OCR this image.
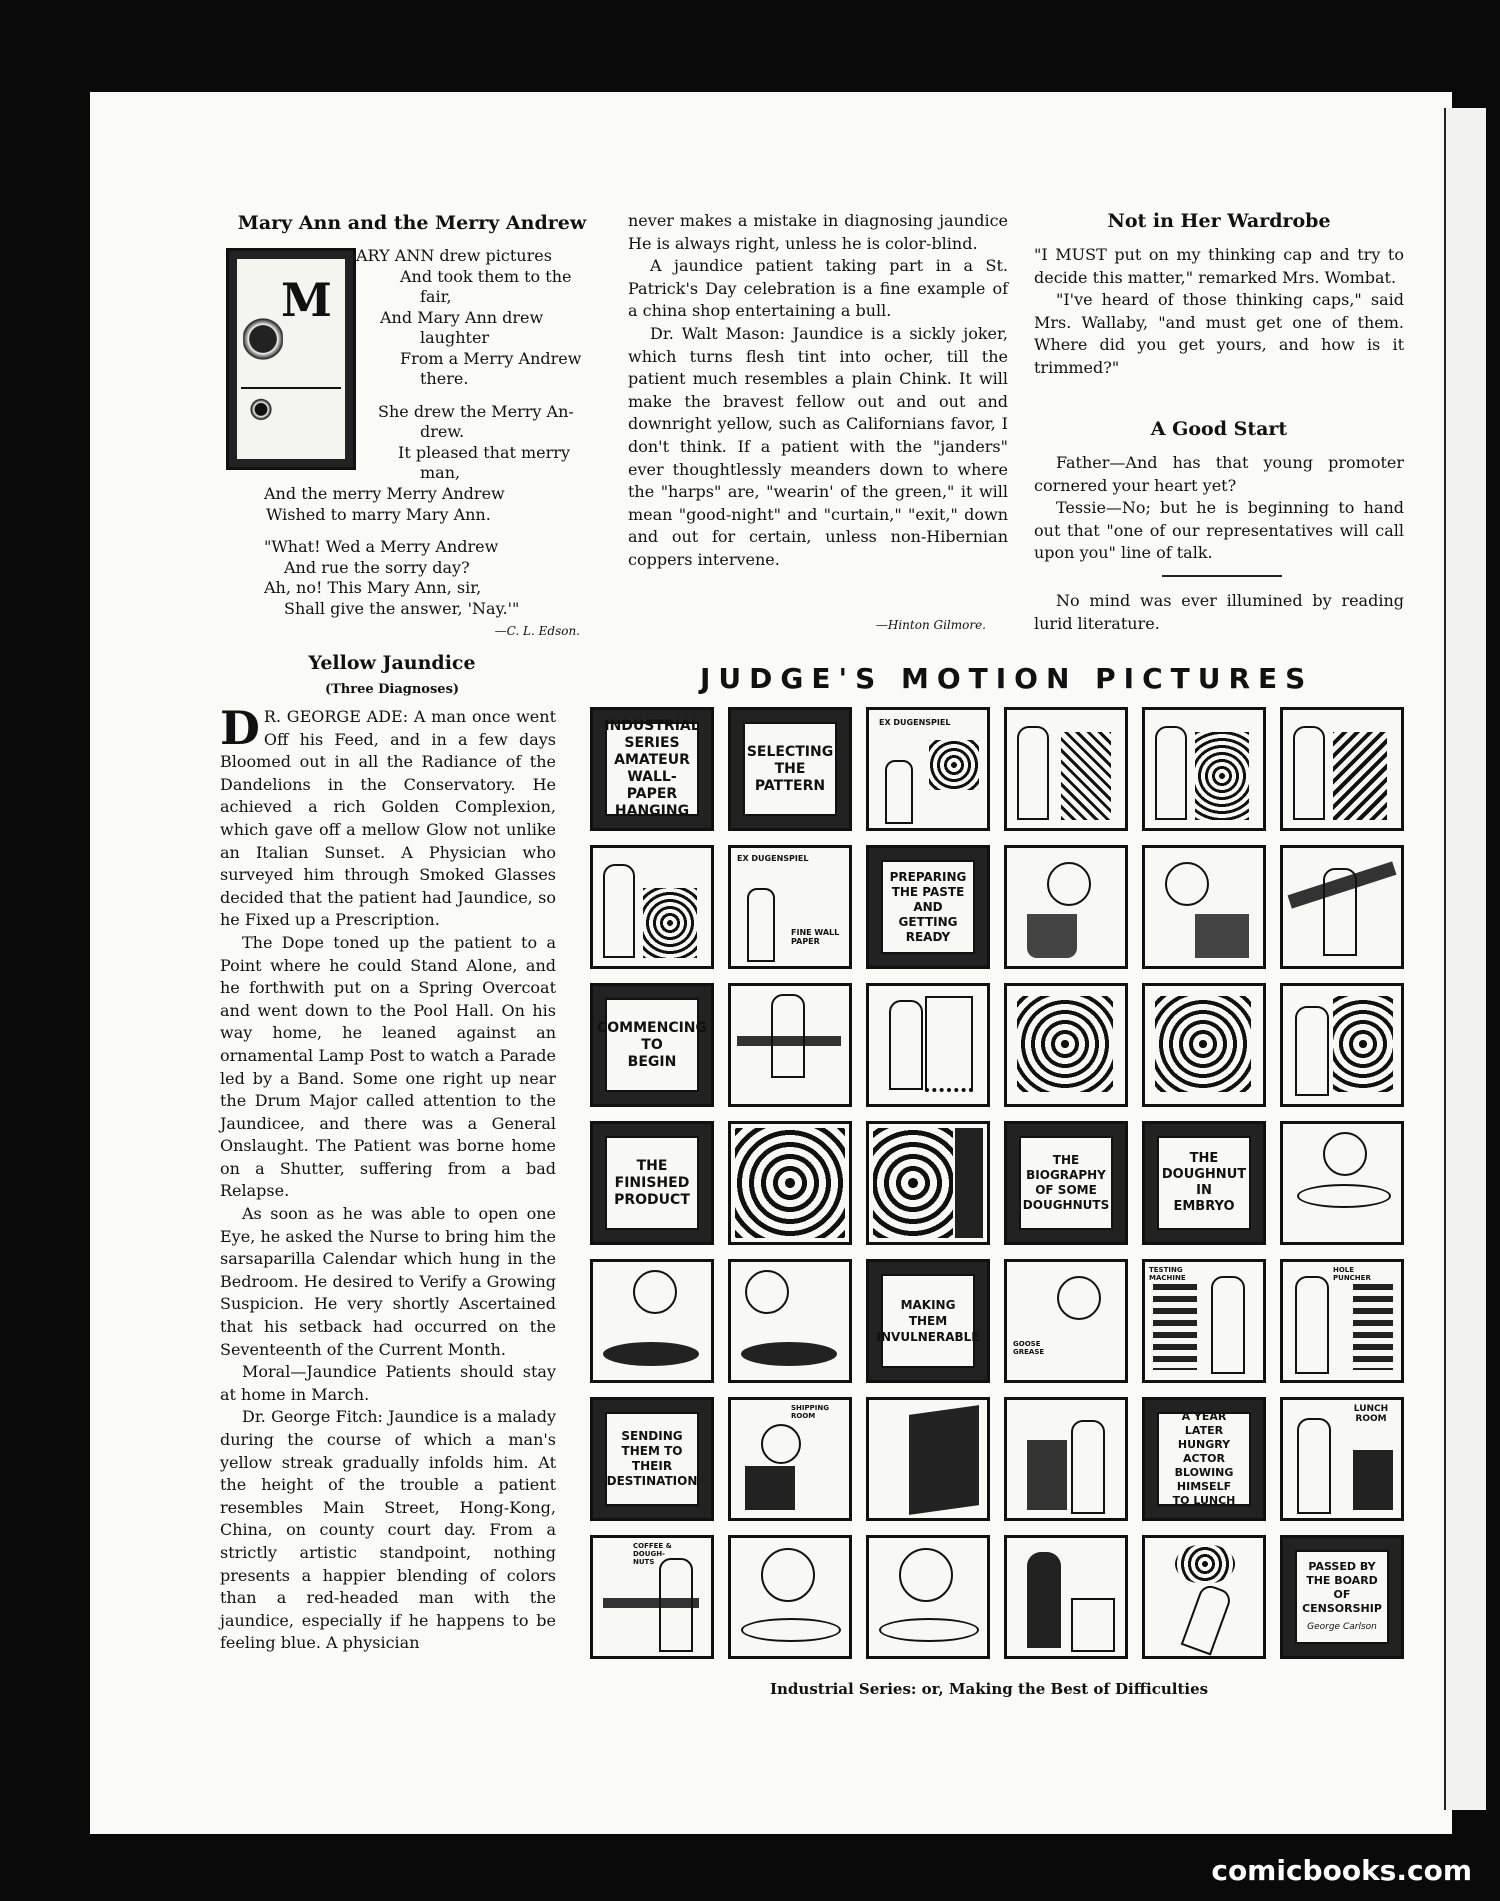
Mary Ann and the Merry Andrew
M
ARY ANN drew pictures
And took them to the
fair,
And Mary Ann drew
laughter
From a Merry Andrew
there.
She drew the Merry An-
drew.
It pleased that merry
man,
And the merry Merry Andrew
Wished to marry Mary Ann.
"What! Wed a Merry Andrew
And rue the sorry day?
Ah, no! This Mary Ann, sir,
Shall give the answer, 'Nay.'"
—C. L. Edson.
Yellow Jaundice
(Three Diagnoses)

D R. GEORGE ADE: A man once went Off his Feed, and in a few days Bloomed out in all the Radiance of the Dandelions in the Conservatory. He achieved a rich Golden Complexion, which gave off a mellow Glow not unlike an Italian Sunset. A Physician who surveyed him through Smoked Glasses decided that the patient had Jaundice, so he Fixed up a Prescription.

The Dope toned up the patient to a Point where he could Stand Alone, and he forthwith put on a Spring Overcoat and went down to the Pool Hall. On his way home, he leaned against an ornamental Lamp Post to watch a Parade led by a Band. Some one right up near the Drum Major called attention to the Jaundicee, and there was a General Onslaught. The Patient was borne home on a Shutter, suffering from a bad Relapse.

As soon as he was able to open one Eye, he asked the Nurse to bring him the sarsaparilla Calendar which hung in the Bedroom. He desired to Verify a Growing Suspicion. He very shortly Ascertained that his setback had occurred on the Seventeenth of the Current Month.

Moral—Jaundice Patients should stay at home in March.

Dr. George Fitch: Jaundice is a malady during the course of which a man's yellow streak gradually infolds him. At the height of the trouble a patient resembles Main Street, Hong-Kong, China, on county court day. From a strictly artistic standpoint, nothing presents a happier blending of colors than a red-headed man with the jaundice, especially if he happens to be feeling blue. A physician

never makes a mistake in diagnosing jaundice He is always right, unless he is color-blind.

A jaundice patient taking part in a St. Patrick's Day celebration is a fine example of a china shop entertaining a bull.

Dr. Walt Mason: Jaundice is a sickly joker, which turns flesh tint into ocher, till the patient much resembles a plain Chink. It will make the bravest fellow out and out and downright yellow, such as Californians favor, I don't think. If a patient with the "janders" ever thoughtlessly meanders down to where the "harps" are, "wearin' of the green," it will mean "good-night" and "curtain," "exit," down and out for certain, unless non-Hibernian coppers intervene.

—Hinton Gilmore.
Not in Her Wardrobe

"I MUST put on my thinking cap and try to decide this matter," remarked Mrs. Wombat.

"I've heard of those thinking caps," said Mrs. Wallaby, "and must get one of them. Where did you get yours, and how is it trimmed?"

A Good Start

Father—And has that young promoter cornered your heart yet?

Tessie—No; but he is beginning to hand out that "one of our representatives will call upon you" line of talk.

No mind was ever illumined by reading lurid literature.

JUDGE'S MOTION PICTURES
INDUSTRIAL
SERIES
AMATEUR
WALL-PAPER
HANGING
SELECTING
THE
PATTERN
EX DUGENSPIEL
EX DUGENSPIEL
FINE WALL PAPER
PREPARING
THE PASTE
AND GETTING
READY
COMMENCING
TO
BEGIN
THE
FINISHED
PRODUCT
THE
BIOGRAPHY
OF SOME
DOUGHNUTS
THE
DOUGHNUT
IN
EMBRYO
MAKING
THEM
INVULNERABLE	GOOSE GREASE
TESTING MACHINE
HOLE PUNCHER
SENDING
THEM TO
THEIR
DESTINATION
SHIPPING ROOM	A YEAR LATER
HUNGRY ACTOR
BLOWING
HIMSELF
TO LUNCH
LUNCH ROOM
COFFEE & DOUGH-NUTS	PASSED BY
THE BOARD
OF
CENSORSHIP
George Carlson
Industrial Series: or, Making the Best of Difficulties
comicbooks.com
